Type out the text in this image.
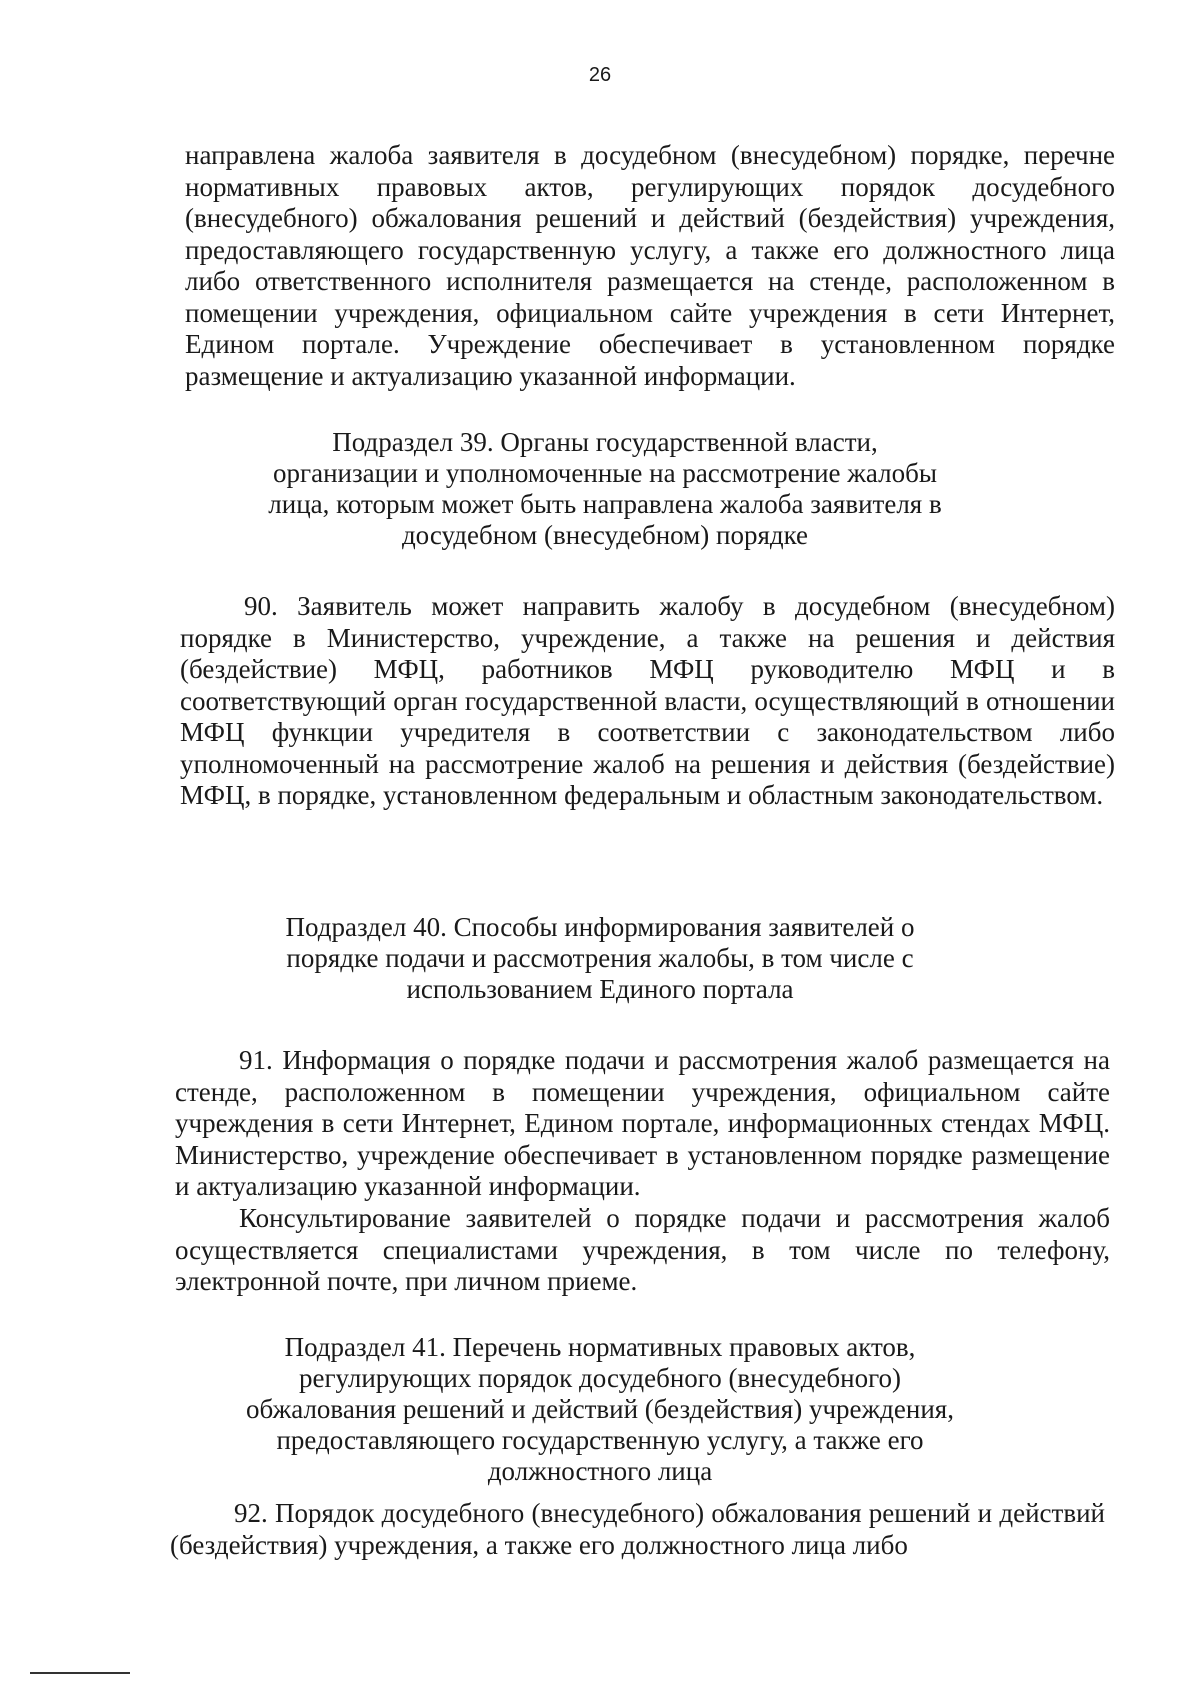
26

направлена жалоба заявителя в досудебном (внесудебном) порядке, перечне нормативных правовых актов, регулирующих порядок досудебного (внесудебного) обжалования решений и действий (бездействия) учреждения, предоставляющего государственную услугу, а также его должностного лица либо ответственного исполнителя размещается на стенде, расположенном в помещении учреждения, официальном сайте учреждения в сети Интернет, Едином портале. Учреждение обеспечивает в установленном порядке размещение и актуализацию указанной информации.

Подраздел 39. Органы государственной власти, организации и уполномоченные на рассмотрение жалобы лица, которым может быть направлена жалоба заявителя в досудебном (внесудебном) порядке

90. Заявитель может направить жалобу в досудебном (внесудебном) порядке в Министерство, учреждение, а также на решения и действия (бездействие) МФЦ, работников МФЦ руководителю МФЦ и в соответствующий орган государственной власти, осуществляющий в отношении МФЦ функции учредителя в соответствии с законодательством либо уполномоченный на рассмотрение жалоб на решения и действия (бездействие) МФЦ, в порядке, установленном федеральным и областным законодательством.

Подраздел 40. Способы информирования заявителей о порядке подачи и рассмотрения жалобы, в том числе с использованием Единого портала

91. Информация о порядке подачи и рассмотрения жалоб размещается на стенде, расположенном в помещении учреждения, официальном сайте учреждения в сети Интернет, Едином портале, информационных стендах МФЦ. Министерство, учреждение обеспечивает в установленном порядке размещение и актуализацию указанной информации.

Консультирование заявителей о порядке подачи и рассмотрения жалоб осуществляется специалистами учреждения, в том числе по телефону, электронной почте, при личном приеме.

Подраздел 41. Перечень нормативных правовых актов, регулирующих порядок досудебного (внесудебного) обжалования решений и действий (бездействия) учреждения, предоставляющего государственную услугу, а также его должностного лица

92. Порядок досудебного (внесудебного) обжалования решений и действий (бездействия) учреждения, а также его должностного лица либо
